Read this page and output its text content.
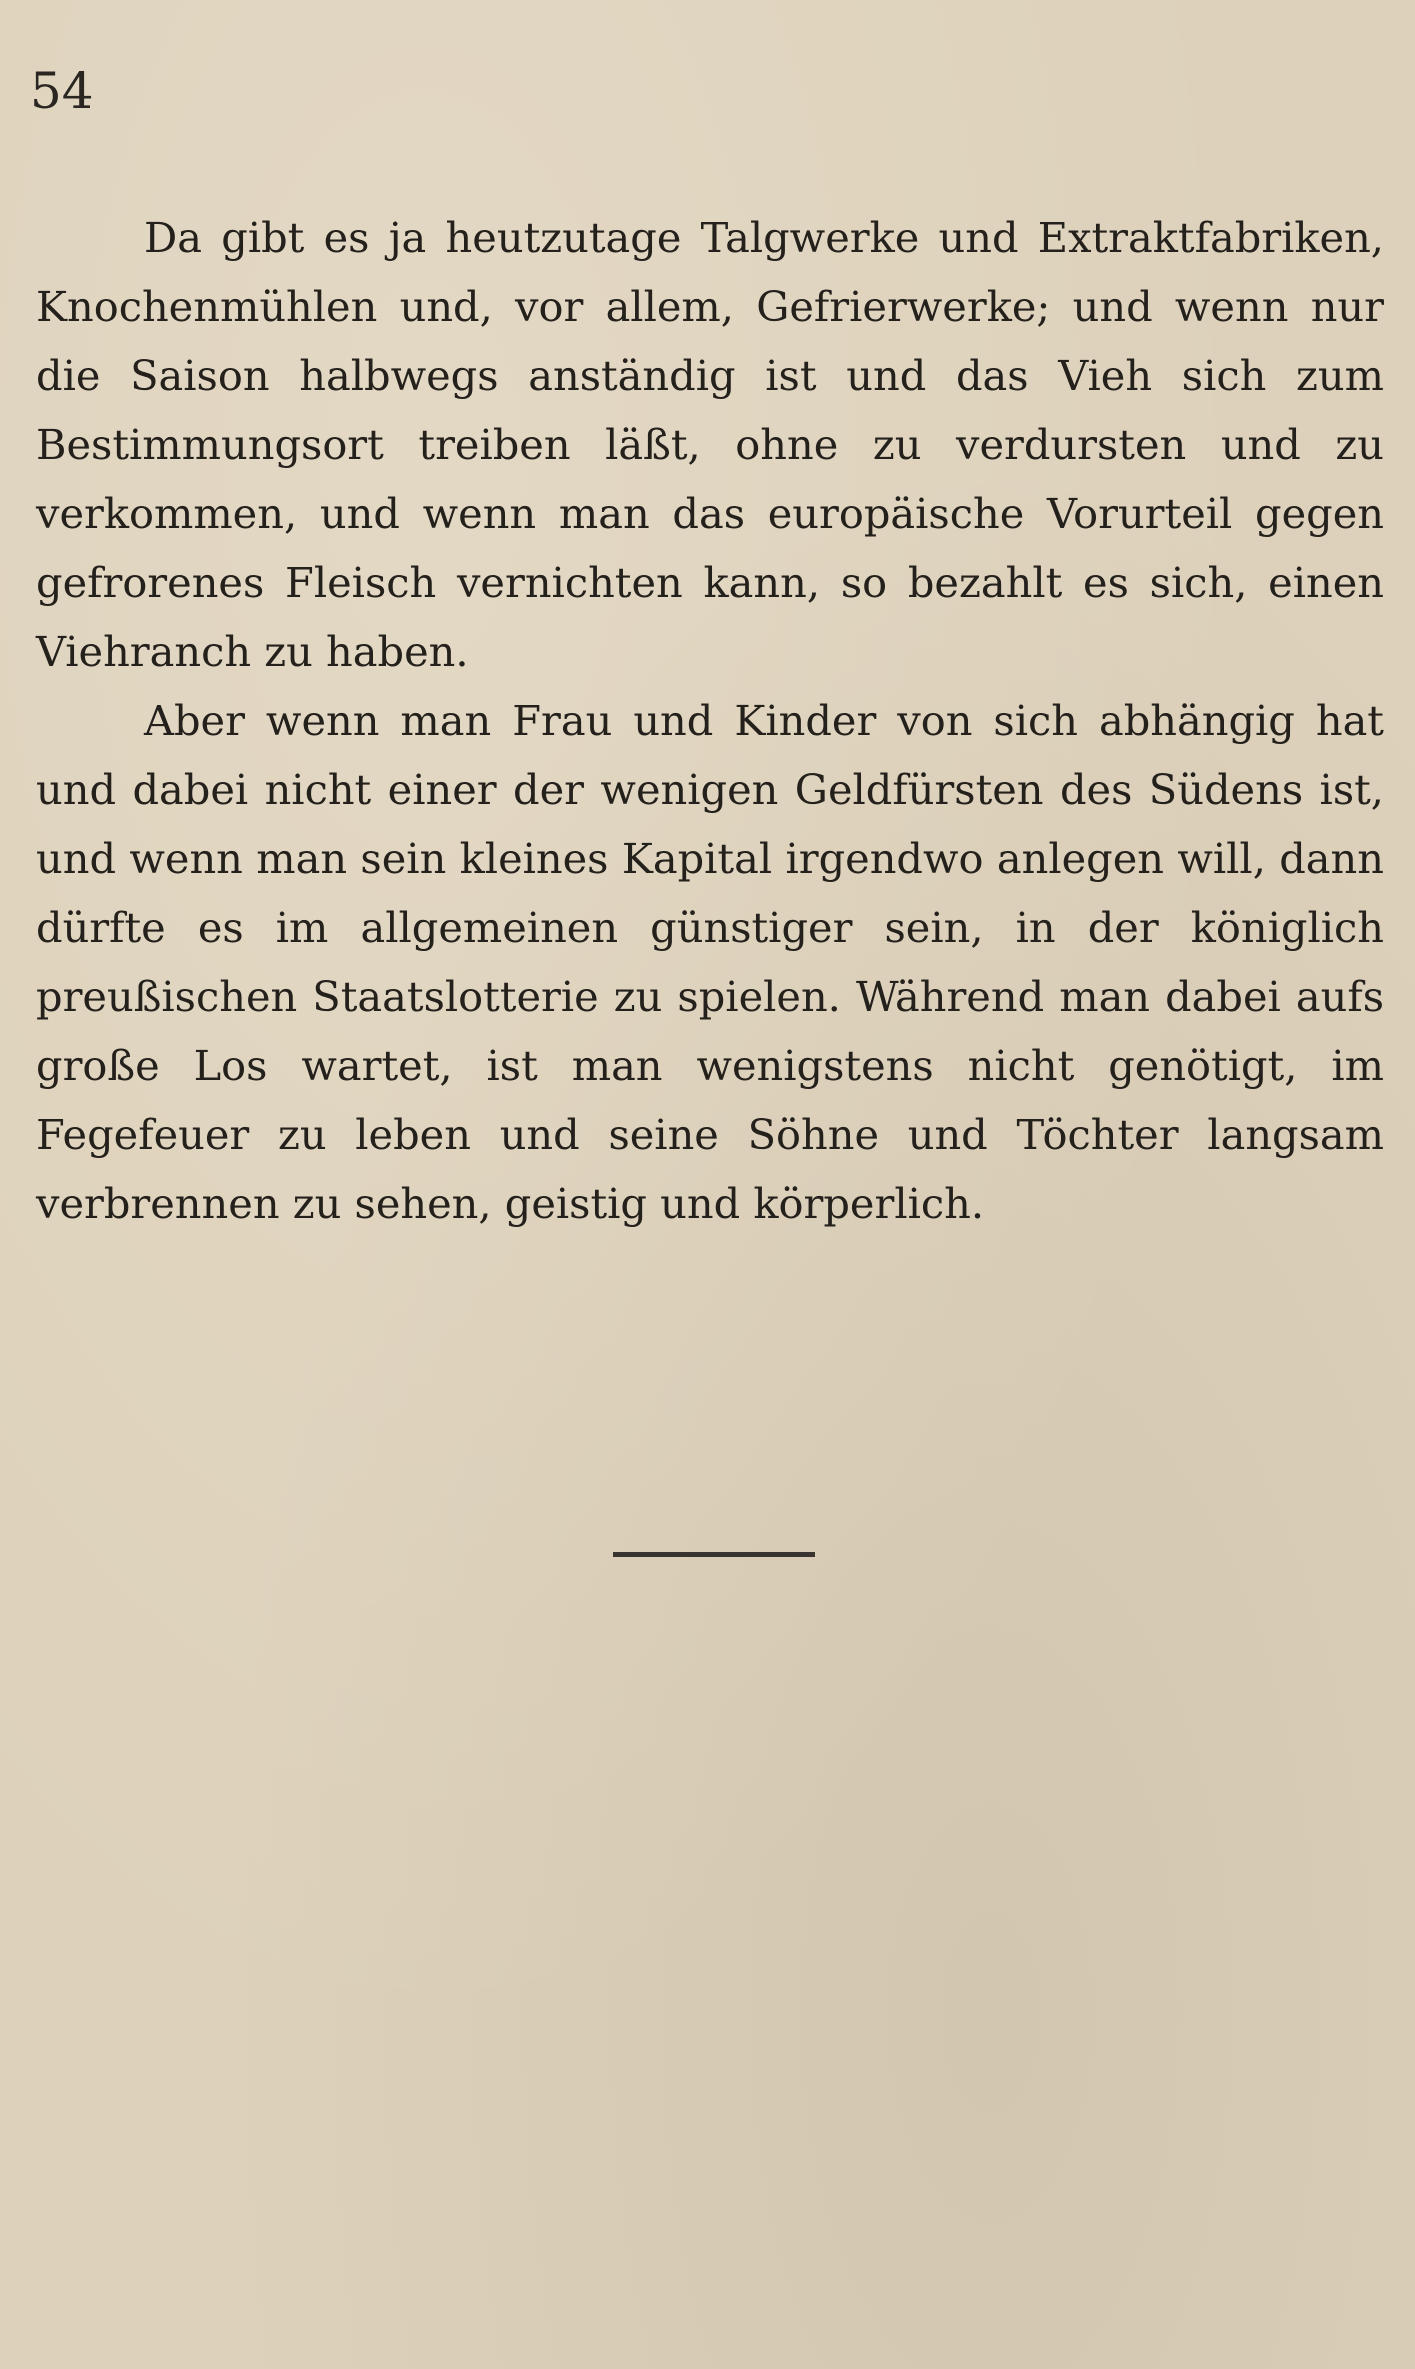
54

Da gibt es ja heutzutage Talgwerke und Extraktfabriken, Knochenmühlen und, vor allem, Gefrierwerke; und wenn nur die Saison halbwegs anständig ist und das Vieh sich zum Bestimmungsort treiben läßt, ohne zu verdursten und zu verkommen, und wenn man das europäische Vorurteil gegen gefrorenes Fleisch vernichten kann, so bezahlt es sich, einen Viehranch zu haben.

Aber wenn man Frau und Kinder von sich abhängig hat und dabei nicht einer der wenigen Geldfürsten des Südens ist, und wenn man sein kleines Kapital irgendwo anlegen will, dann dürfte es im allgemeinen günstiger sein, in der königlich preußischen Staatslotterie zu spielen. Während man dabei aufs große Los wartet, ist man wenigstens nicht genötigt, im Fegefeuer zu leben und seine Söhne und Töchter langsam verbrennen zu sehen, geistig und körperlich.
